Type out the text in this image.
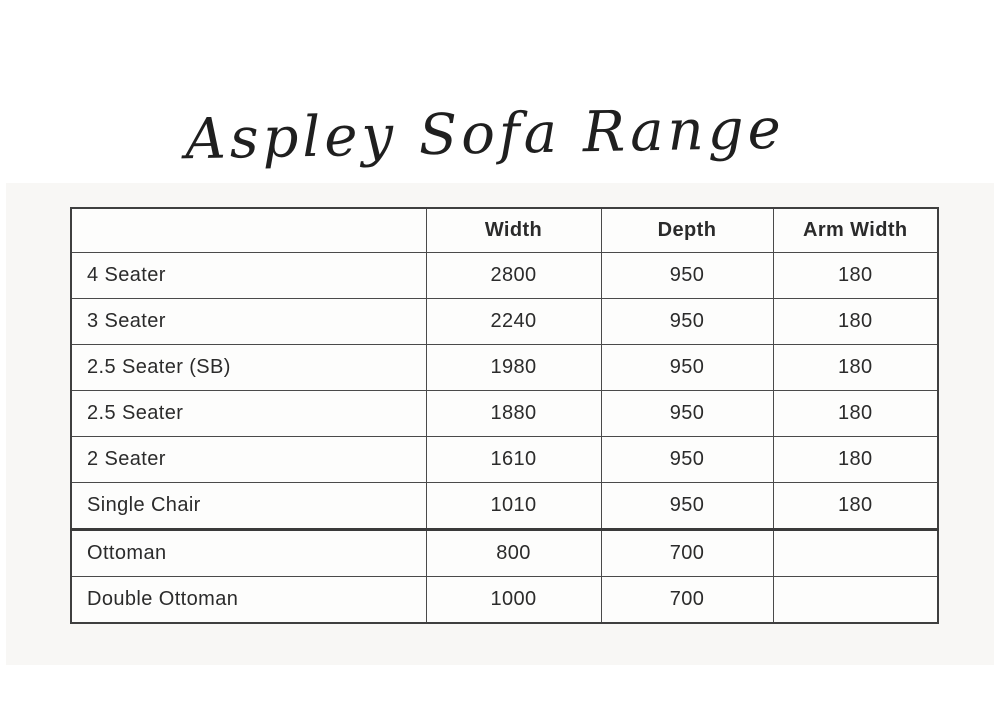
Aspley Sofa Range
	Width	Depth	Arm Width
4 Seater	2800	950	180
3 Seater	2240	950	180
2.5 Seater (SB)	1980	950	180
2.5 Seater	1880	950	180
2 Seater	1610	950	180
Single Chair	1010	950	180
Ottoman	800	700	
Double Ottoman	1000	700	
